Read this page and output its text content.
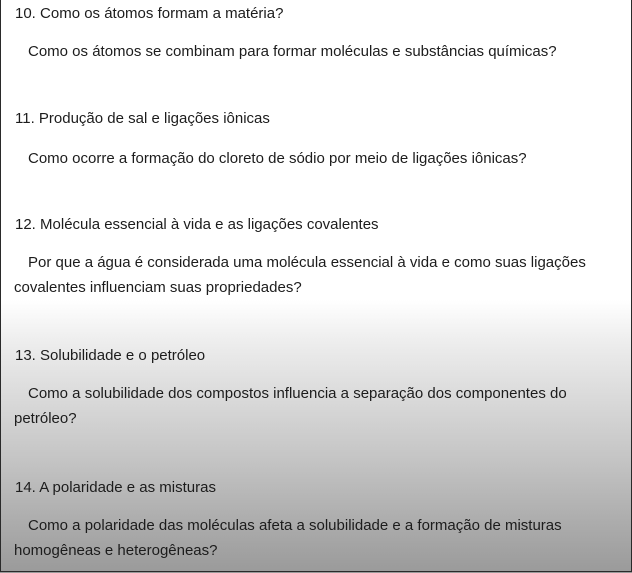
10. Como os átomos formam a matéria?

Como os átomos se combinam para formar moléculas e substâncias químicas?

11. Produção de sal e ligações iônicas

Como ocorre a formação do cloreto de sódio por meio de ligações iônicas?

12. Molécula essencial à vida e as ligações covalentes

Por que a água é considerada uma molécula essencial à vida e como suas ligações covalentes influenciam suas propriedades?

13. Solubilidade e o petróleo

Como a solubilidade dos compostos influencia a separação dos componentes do petróleo?

14. A polaridade e as misturas

Como a polaridade das moléculas afeta a solubilidade e a formação de misturas homogêneas e heterogêneas?
